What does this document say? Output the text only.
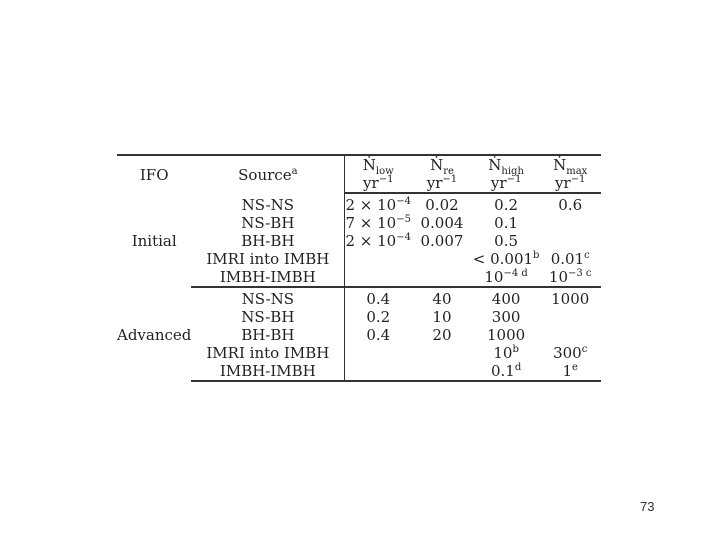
IFO	Source$^a$	Ṅ$_{low}$	Ṅ$_{re}$	Ṅ$_{high}$	Ṅ$_{max}$
		$yr^{-1}$	$yr^{-1}$	$yr^{-1}$	$yr^{-1}$
Initial	NS-NS	$2 \times 10^{-4}$	0.02	0.2	0.6
	NS-BH	$7 \times 10^{-5}$	0.004	0.1	
	BH-BH	$2 \times 10^{-4}$	0.007	0.5	
	IMRI into IMBH			< 0.001$^b$	0.01$^c$
	IMBH-IMBH			$10^{-4 d}$	$10^{-3 c}$
Advanced	NS-NS	0.4	40	400	1000
	NS-BH	0.2	10	300	
	BH-BH	0.4	20	1000	
	IMRI into IMBH			10$^b$	300$^c$
	IMBH-IMBH			0.1$^d$	1e
73
